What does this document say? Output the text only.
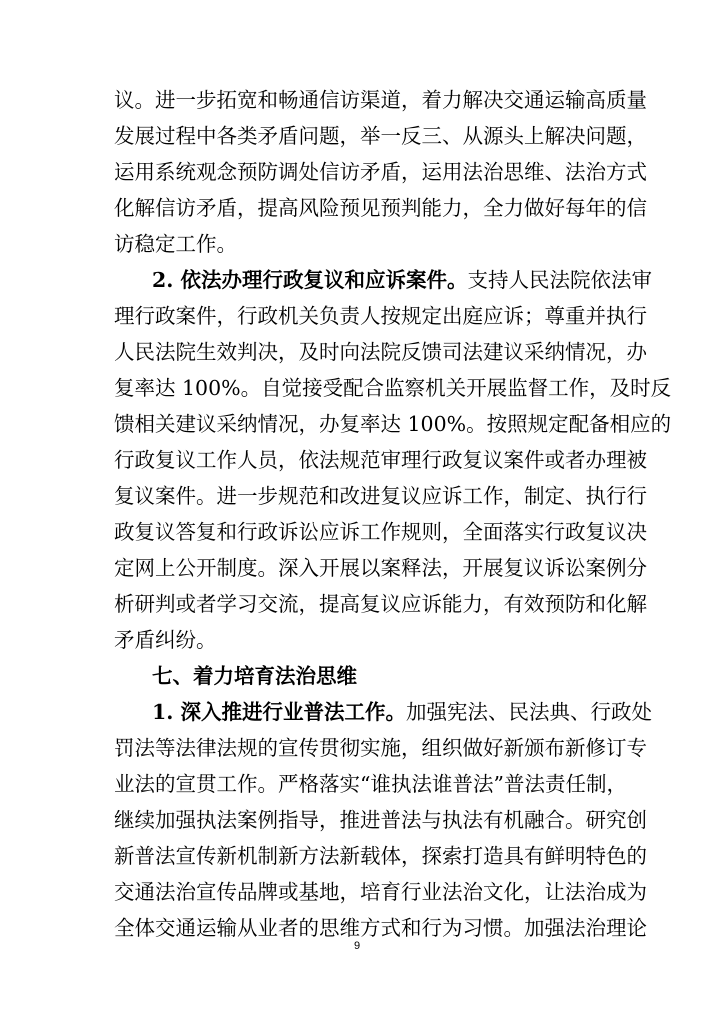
议。进一步拓宽和畅通信访渠道，着力解决交通运输高质量
发展过程中各类矛盾问题，举一反三、从源头上解决问题，
运用系统观念预防调处信访矛盾，运用法治思维、法治方式
化解信访矛盾，提高风险预见预判能力，全力做好每年的信
访稳定工作。
2. 依法办理行政复议和应诉案件。支持人民法院依法审
理行政案件，行政机关负责人按规定出庭应诉；尊重并执行
人民法院生效判决，及时向法院反馈司法建议采纳情况，办
复率达 100%。自觉接受配合监察机关开展监督工作，及时反
馈相关建议采纳情况，办复率达 100%。按照规定配备相应的
行政复议工作人员，依法规范审理行政复议案件或者办理被
复议案件。进一步规范和改进复议应诉工作，制定、执行行
政复议答复和行政诉讼应诉工作规则，全面落实行政复议决
定网上公开制度。深入开展以案释法，开展复议诉讼案例分
析研判或者学习交流，提高复议应诉能力，有效预防和化解
矛盾纠纷。
七、着力培育法治思维
1. 深入推进行业普法工作。加强宪法、民法典、行政处
罚法等法律法规的宣传贯彻实施，组织做好新颁布新修订专
业法的宣贯工作。严格落实“谁执法谁普法”普法责任制，
继续加强执法案例指导，推进普法与执法有机融合。研究创
新普法宣传新机制新方法新载体，探索打造具有鲜明特色的
交通法治宣传品牌或基地，培育行业法治文化，让法治成为
全体交通运输从业者的思维方式和行为习惯。加强法治理论
9
